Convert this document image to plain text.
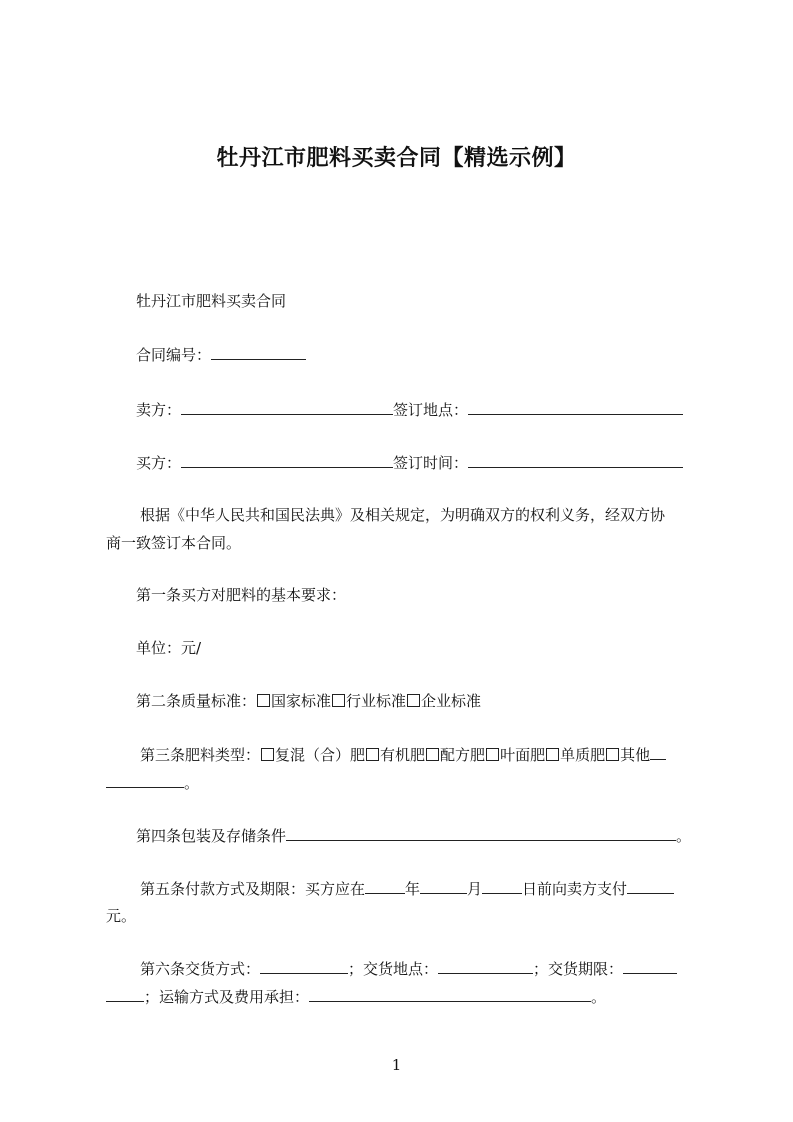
牡丹江市肥料买卖合同【精选示例】
牡丹江市肥料买卖合同
合同编号：
卖方：	签订地点：
买方：	签订时间：
根据《中华人民共和国民法典》及相关规定，为明确双方的权利义务，经双方协
商一致签订本合同。
第一条买方对肥料的基本要求：
单位：元/
第二条质量标准： 国家标准 行业标准 企业标准
第三条肥料类型： 复混（合）肥 有机肥 配方肥 叶面肥 单质肥 其他
。
第四条包装及存储条件	。
第五条付款方式及期限：买方应在	年	月	日前向卖方支付
元。
第六条交货方式：	；交货地点：	；交货期限：
；运输方式及费用承担：	。
1
